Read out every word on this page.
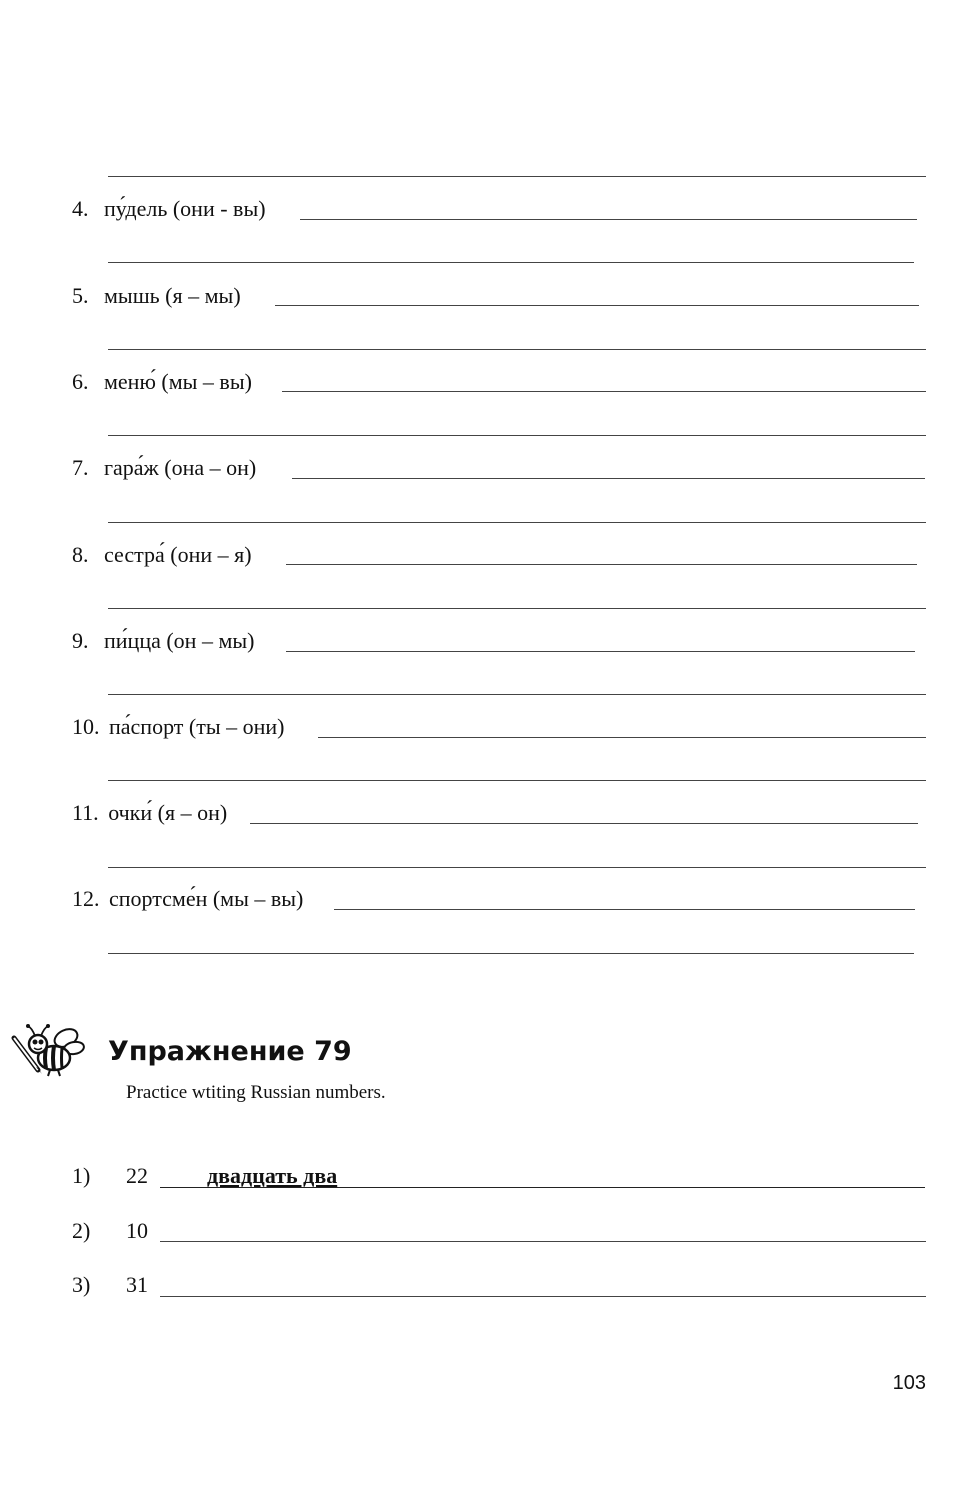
4. пу́дель (они - вы)
5. мышь (я – мы)
6. меню́ (мы – вы)
7. гара́ж (она – он)
8. сестра́ (они – я)
9. пи́цца (он – мы)
10. па́спорт (ты – они)
11. очки́ (я – он)
12. спортсме́н (мы – вы)
Упражнение 79
Practice wtiting Russian numbers.
1) 22	двадцать два
2) 10
3) 31
103
